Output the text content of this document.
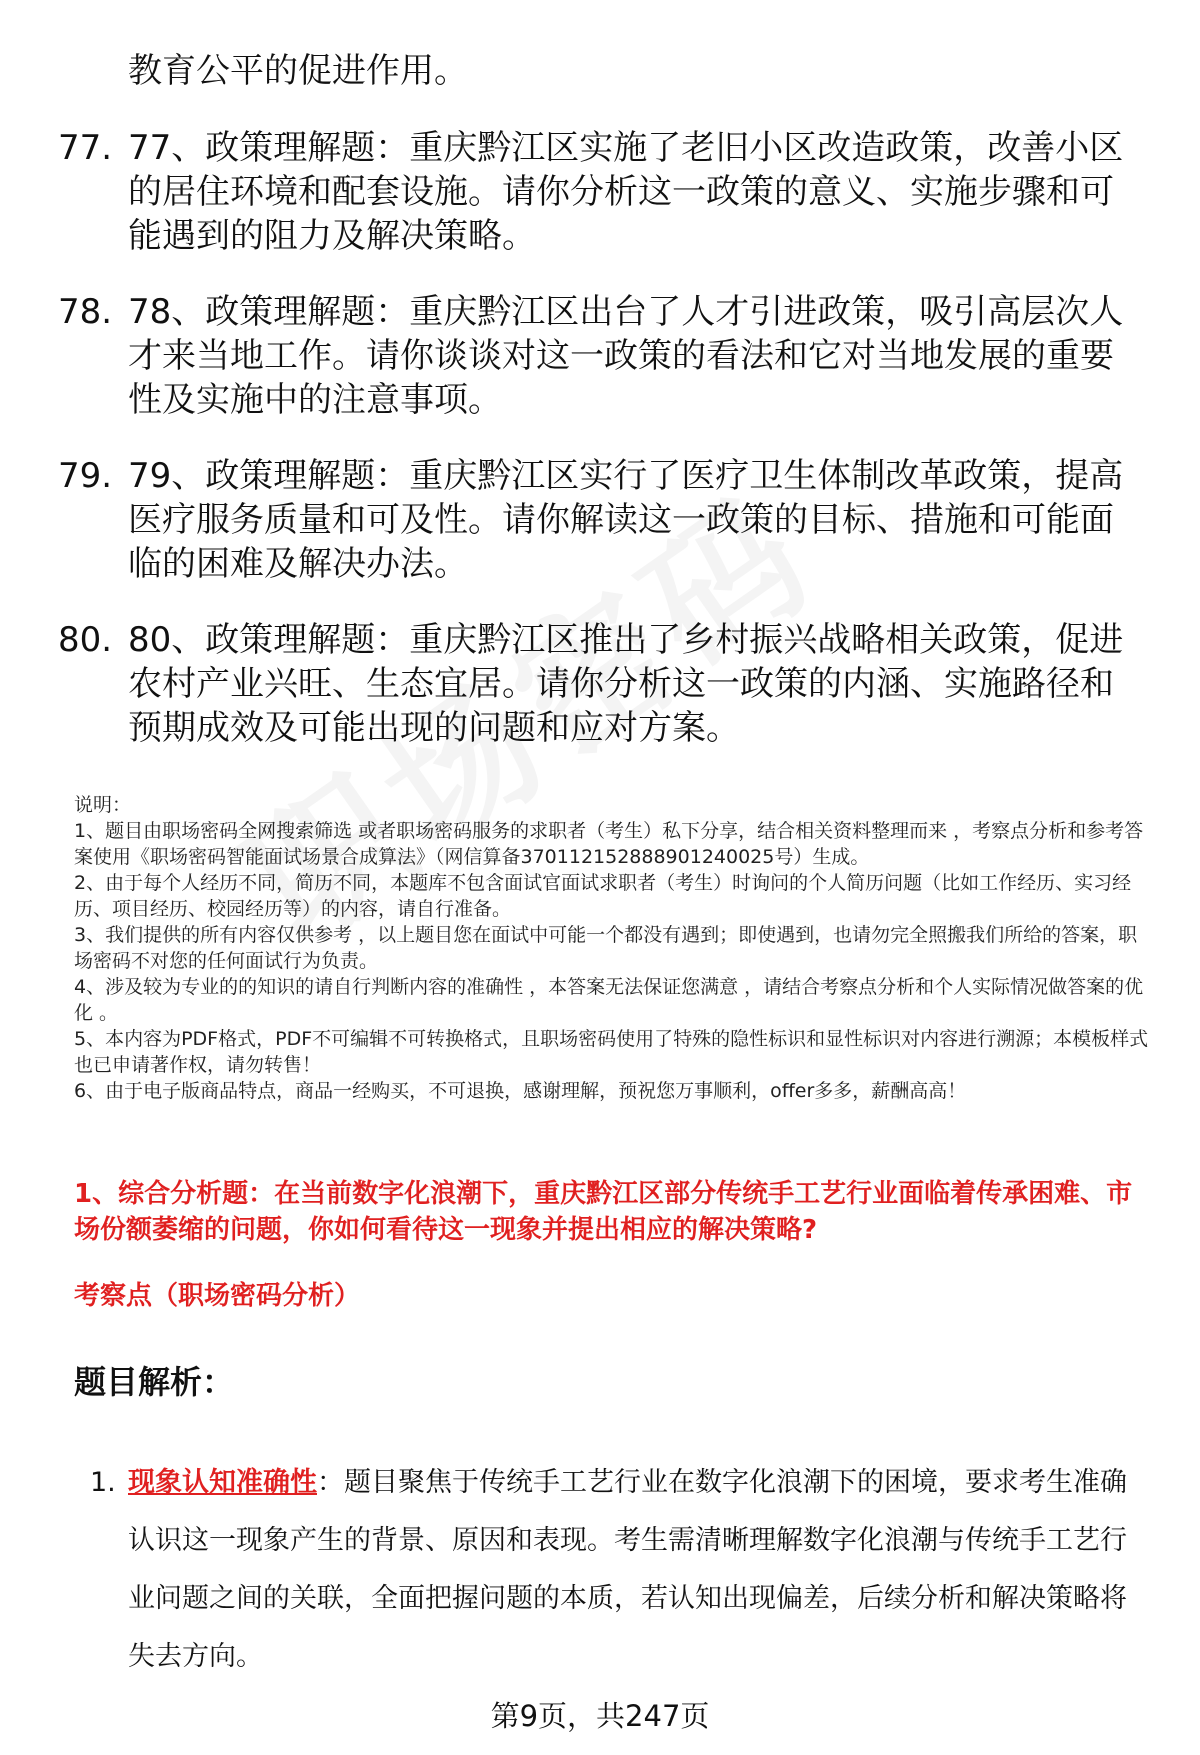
教育公平的促进作用。
77. 77、政策理解题：重庆黔江区实施了老旧小区改造政策，改善小区的居住环境和配套设施。请你分析这一政策的意义、实施步骤和可能遇到的阻力及解决策略。
78. 78、政策理解题：重庆黔江区出台了人才引进政策，吸引高层次人才来当地工作。请你谈谈对这一政策的看法和它对当地发展的重要性及实施中的注意事项。
79. 79、政策理解题：重庆黔江区实行了医疗卫生体制改革政策，提高医疗服务质量和可及性。请你解读这一政策的目标、措施和可能面临的困难及解决办法。
80. 80、政策理解题：重庆黔江区推出了乡村振兴战略相关政策，促进农村产业兴旺、生态宜居。请你分析这一政策的内涵、实施路径和预期成效及可能出现的问题和应对方案。

说明：

1、题目由职场密码全网搜索筛选 或者职场密码服务的求职者（考生）私下分享，结合相关资料整理而来 ，考察点分析和参考答案使用《职场密码智能面试场景合成算法》（网信算备370112152888901240025号）生成。

2、由于每个人经历不同，简历不同，本题库不包含面试官面试求职者（考生）时询问的个人简历问题（比如工作经历、实习经历、项目经历、校园经历等）的内容，请自行准备。

3、我们提供的所有内容仅供参考 ，以上题目您在面试中可能一个都没有遇到；即使遇到，也请勿完全照搬我们所给的答案，职场密码不对您的任何面试行为负责。

4、涉及较为专业的的知识的请自行判断内容的准确性 ，本答案无法保证您满意 ，请结合考察点分析和个人实际情况做答案的优化 。

5、本内容为PDF格式，PDF不可编辑不可转换格式，且职场密码使用了特殊的隐性标识和显性标识对内容进行溯源；本模板样式也已申请著作权，请勿转售！

6、由于电子版商品特点，商品一经购买，不可退换，感谢理解，预祝您万事顺利，offer多多，薪酬高高！

1、综合分析题：在当前数字化浪潮下，重庆黔江区部分传统手工艺行业面临着传承困难、市场份额萎缩的问题，你如何看待这一现象并提出相应的解决策略?
考察点（职场密码分析）
题目解析：
1. 现象认知准确性：题目聚焦于传统手工艺行业在数字化浪潮下的困境，要求考生准确认识这一现象产生的背景、原因和表现。考生需清晰理解数字化浪潮与传统手工艺行业问题之间的关联，全面把握问题的本质，若认知出现偏差，后续分析和解决策略将失去方向。
第9页，共247页
